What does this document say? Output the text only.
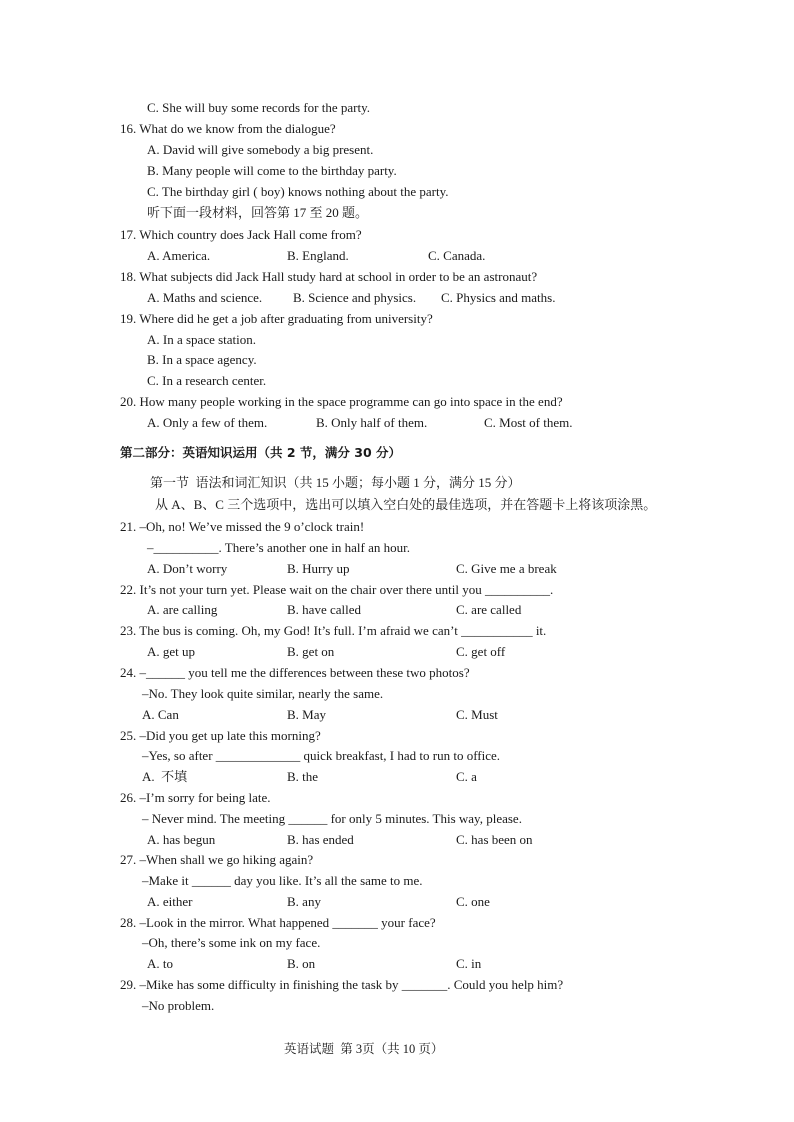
C. She will buy some records for the party.
16. What do we know from the dialogue?
A. David will give somebody a big present.
B. Many people will come to the birthday party.
C. The birthday girl ( boy) knows nothing about the party.
听下面一段材料，回答第 17 至 20 题。
17. Which country does Jack Hall come from?
A. America.	B. England.	C. Canada.
18. What subjects did Jack Hall study hard at school in order to be an astronaut?
A. Maths and science. B. Science and physics. C. Physics and maths.
19. Where did he get a job after graduating from university?
A. In a space station.
B. In a space agency.
C. In a research center.
20. How many people working in the space programme can go into space in the end?
A. Only a few of them.	B. Only half of them.	C. Most of them.
第二部分：英语知识运用（共 2 节，满分 30 分）
第一节  语法和词汇知识（共 15 小题；每小题 1 分，满分 15 分）
从 A、B、C 三个选项中，选出可以填入空白处的最佳选项，并在答题卡上将该项涂黑。
21. –Oh, no! We’ve missed the 9 o’clock train!
–__________. There’s another one in half an hour.
A. Don’t worry	B. Hurry up	C. Give me a break
22. It’s not your turn yet. Please wait on the chair over there until you __________.
A. are calling	B. have called	C. are called
23. The bus is coming. Oh, my God! It’s full. I’m afraid we can’t ___________ it.
A. get up	B. get on	C. get off
24. –______ you tell me the differences between these two photos?
–No. They look quite similar, nearly the same.
A. Can	B. May	C. Must
25. –Did you get up late this morning?
–Yes, so after _____________ quick breakfast, I had to run to office.
A.  不填	B. the	C. a
26. –I’m sorry for being late.
– Never mind. The meeting ______ for only 5 minutes. This way, please.
A. has begun	B. has ended	C. has been on
27. –When shall we go hiking again?
–Make it ______ day you like. It’s all the same to me.
A. either	B. any	C. one
28. –Look in the mirror. What happened _______ your face?
–Oh, there’s some ink on my face.
A. to	B. on	C. in
29. –Mike has some difficulty in finishing the task by _______. Could you help him?
–No problem.
英语试题  第 3页（共 10 页）
